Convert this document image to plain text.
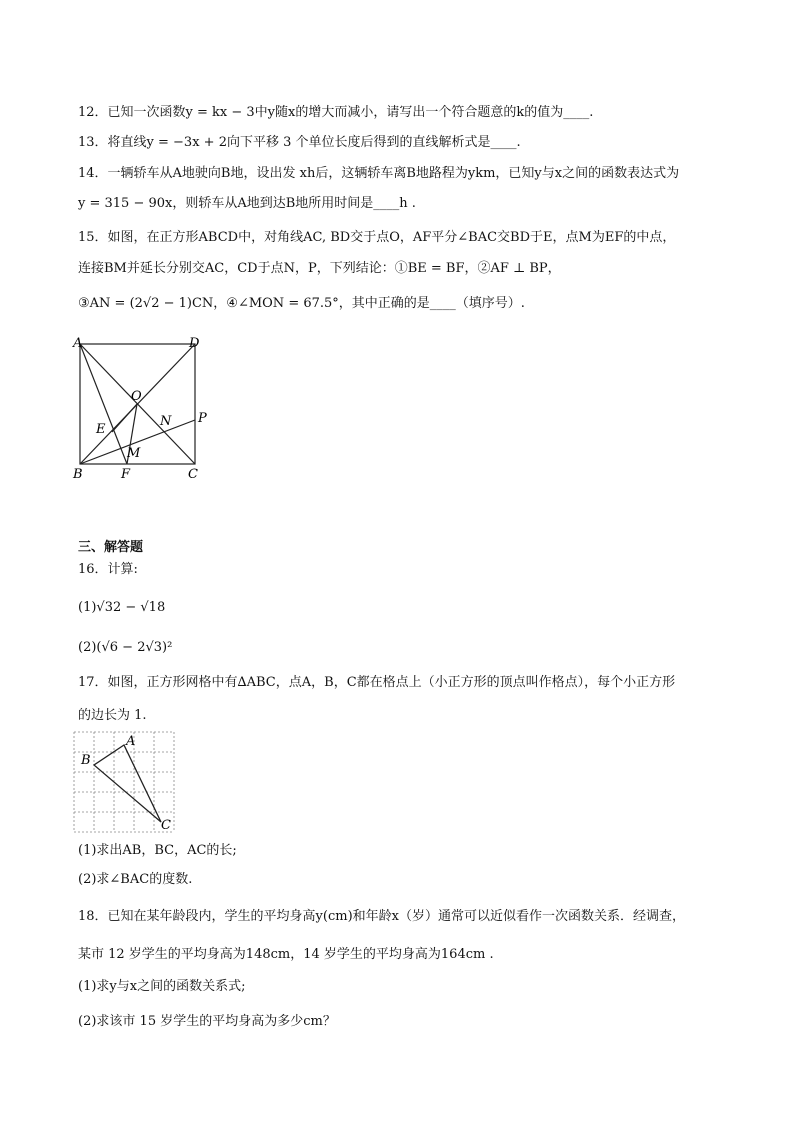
12．已知一次函数y = kx − 3中y随x的增大而减小，请写出一个符合题意的k的值为____.
13．将直线y = −3x + 2向下平移 3 个单位长度后得到的直线解析式是____.
14．一辆轿车从A地驶向B地，设出发 xh后，这辆轿车离B地路程为ykm，已知y与x之间的函数表达式为
y = 315 − 90x，则轿车从A地到达B地所用时间是____h .
15．如图，在正方形ABCD中，对角线AC, BD交于点O，AF平分∠BAC交BD于E，点M为EF的中点，
连接BM并延长分别交AC，CD于点N，P，下列结论：①BE = BF，②AF ⊥ BP，
③AN = (2√2 − 1)CN，④∠MON = 67.5°，其中正确的是____（填序号）.
A	D
O
E
N P
M
B	F	C
三、解答题
16．计算:
(1)√32 − √18
(2)(√6 − 2√3)²
17．如图，正方形网格中有∆ABC，点A，B，C都在格点上（小正方形的顶点叫作格点），每个小正方形
的边长为 1.
A
B
C
(1)求出AB，BC，AC的长;
(2)求∠BAC的度数.
18．已知在某年龄段内，学生的平均身高y(cm)和年龄x（岁）通常可以近似看作一次函数关系．经调查，
某市 12 岁学生的平均身高为148cm，14 岁学生的平均身高为164cm .
(1)求y与x之间的函数关系式;
(2)求该市 15 岁学生的平均身高为多少cm？
